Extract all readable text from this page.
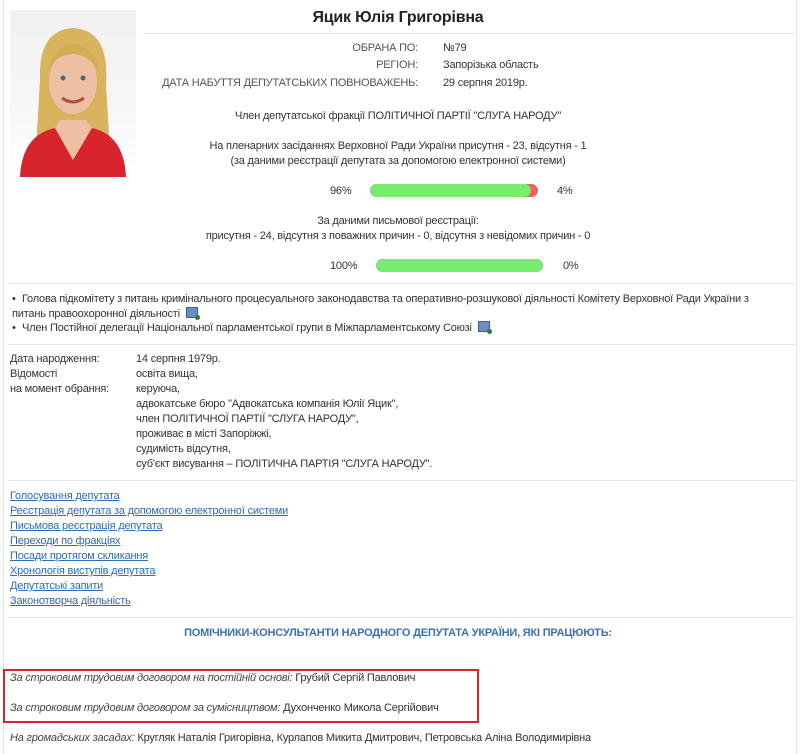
Яцик Юлія Григорівна
ОБРАНА ПО: №79
РЕГІОН: Запорізька область
ДАТА НАБУТТЯ ДЕПУТАТСЬКИХ ПОВНОВАЖЕНЬ: 29 серпня 2019р.
Член депутатської фракції ПОЛІТИЧНОЇ ПАРТІЇ "СЛУГА НАРОДУ"
На пленарних засіданнях Верховної Ради України присутня - 23, відсутня - 1
(за даними реєстрації депутата за допомогою електронної системи)
96%	4%
За даними письмової реєстрації:
присутня - 24, відсутня з поважних причин - 0, відсутня з невідомих причин - 0
100%	0%
• Голова підкомітету з питань кримінального процесуального законодавства та оперативно-розшукової діяльності Комітету Верховної Ради України з питань правоохоронної діяльності
• Член Постійної делегації Національної парламентської групи в Міжпарламентському Союзі
Дата народження:	14 серпня 1979р.
Відомості
на момент обрання:
освіта вища,
керуюча,
адвокатське бюро "Адвокатська компанія Юлії Яцик",
член ПОЛІТИЧНОЇ ПАРТІЇ "СЛУГА НАРОДУ",
проживає в місті Запоріжжі,
судимість відсутня,
суб'єкт висування – ПОЛІТИЧНА ПАРТІЯ "СЛУГА НАРОДУ".
Голосування депутата
Реєстрація депутата за допомогою електронної системи
Письмова реєстрація депутата
Переходи по фракціях
Посади протягом скликання
Хронологія виступів депутата
Депутатські запити
Законотворча діяльність
ПОМІЧНИКИ-КОНСУЛЬТАНТИ НАРОДНОГО ДЕПУТАТА УКРАЇНИ, ЯКІ ПРАЦЮЮТЬ:
За строковим трудовим договором на постійній основі: Грубий Сергій Павлович
За строковим трудовим договором за сумісництвом: Духонченко Микола Сергійович
На громадських засадах: Кругляк Наталія Григорівна, Курлапов Микита Дмитрович, Петровська Аліна Володимирівна
